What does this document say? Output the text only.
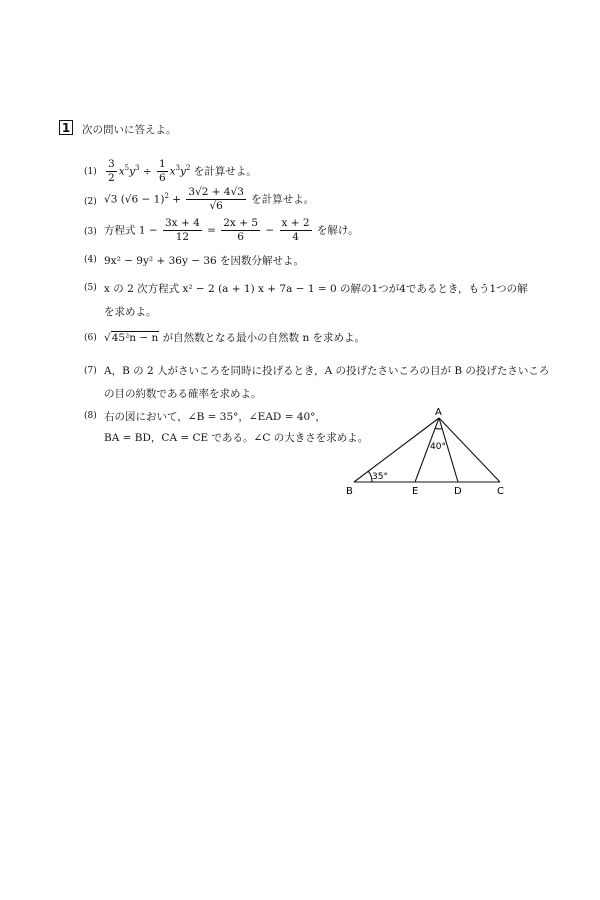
1 次の問いに答えよ。
$(1) \frac{3}{2} x^5y^3 \div \frac{1}{6} x^3y^2$ を計算せよ。
(2) √3 $(√6 - 1)^2 + \frac{3√2 + 4√3}{√6}$ を計算せよ。
(3) 方程式 $1 - \frac{3x + 4}{12} = \frac{2x + 5}{6} - \frac{x + 2}{4}$ を解け。
(4) 9x² − 9y² + 36y − 36 を因数分解せよ。
(5) x の 2 次方程式 x² − 2 (a + 1) x + 7a − 1 = 0 の解の1つが4であるとき，もう1つの解
を求めよ。
(6) √45²n − n が自然数となる最小の自然数 n を求めよ。
(7) A，B の 2 人がさいころを同時に投げるとき，A の投げたさいころの目が B の投げたさいころ
の目の約数である確率を求めよ。
(8) 右の図において，∠B = 35°，∠EAD = 40°，
BA = BD，CA = CE である。∠C の大きさを求めよ。
A
B	E	D	C
35°
40°
